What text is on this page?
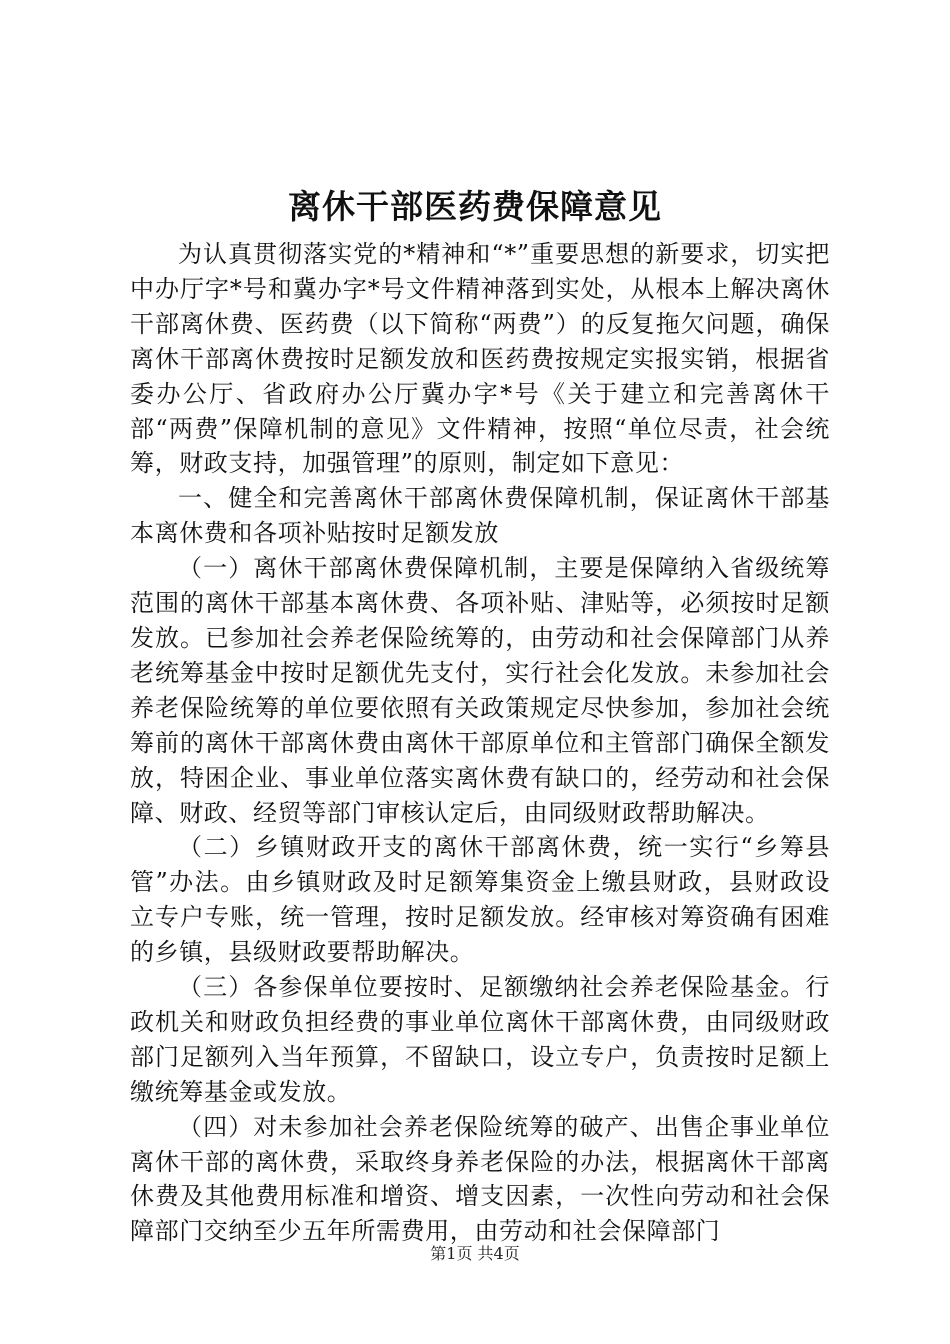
离休干部医药费保障意见

为认真贯彻落实党的*精神和“*”重要思想的新要求，切实把中办厅字*号和冀办字*号文件精神落到实处，从根本上解决离休干部离休费、医药费（以下简称“两费”）的反复拖欠问题，确保离休干部离休费按时足额发放和医药费按规定实报实销，根据省委办公厅、省政府办公厅冀办字*号《关于建立和完善离休干部“两费”保障机制的意见》文件精神，按照“单位尽责，社会统筹，财政支持，加强管理”的原则，制定如下意见：

一、健全和完善离休干部离休费保障机制，保证离休干部基本离休费和各项补贴按时足额发放

（一）离休干部离休费保障机制，主要是保障纳入省级统筹范围的离休干部基本离休费、各项补贴、津贴等，必须按时足额发放。已参加社会养老保险统筹的，由劳动和社会保障部门从养老统筹基金中按时足额优先支付，实行社会化发放。未参加社会养老保险统筹的单位要依照有关政策规定尽快参加，参加社会统筹前的离休干部离休费由离休干部原单位和主管部门确保全额发放，特困企业、事业单位落实离休费有缺口的，经劳动和社会保障、财政、经贸等部门审核认定后，由同级财政帮助解决。

（二）乡镇财政开支的离休干部离休费，统一实行“乡筹县管”办法。由乡镇财政及时足额筹集资金上缴县财政，县财政设立专户专账，统一管理，按时足额发放。经审核对筹资确有困难的乡镇，县级财政要帮助解决。

（三）各参保单位要按时、足额缴纳社会养老保险基金。行政机关和财政负担经费的事业单位离休干部离休费，由同级财政部门足额列入当年预算，不留缺口，设立专户，负责按时足额上缴统筹基金或发放。

（四）对未参加社会养老保险统筹的破产、出售企事业单位离休干部的离休费，采取终身养老保险的办法，根据离休干部离休费及其他费用标准和增资、增支因素，一次性向劳动和社会保障部门交纳至少五年所需费用，由劳动和社会保障部门

第1页 共4页
